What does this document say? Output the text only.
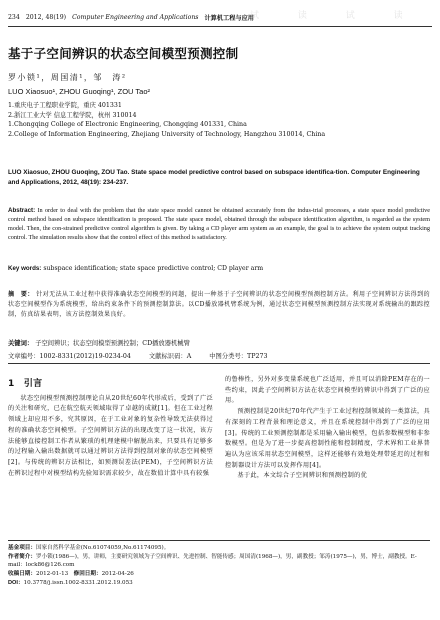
234 2012, 48(19) Computer Engineering and Applications 计算机工程与应用
试 读 试 读
基于子空间辨识的状态空间模型预测控制
罗小锁¹，周国清¹，邹　涛²
LUO Xiaosuo¹, ZHOU Guoqing¹, ZOU Tao²
1.重庆电子工程职业学院，重庆 401331
2.浙江工业大学 信息工程学院，杭州 310014
1.Chongqing College of Electronic Engineering, Chongqing 401331, China
2.College of Information Engineering, Zhejiang University of Technology, Hangzhou 310014, China
LUO Xiaosuo, ZHOU Guoqing, ZOU Tao. State space model predictive control based on subspace identifica-tion. Computer Engineering and Applications, 2012, 48(19): 234-237.
Abstract: In order to deal with the problem that the state space model cannot be obtained accurately from the indus-trial processes, a state space model predictive control method based on subspace identification is proposed. The state space model, obtained through the subspace identification algorithm, is regarded as the system model. Then, the con-strained predictive control algorithm is given. By taking a CD player arm system as an example, the goal is to achieve the system output tracking control. The simulation results show that the control effect of this method is satisfactory.
Key words: subspace identification; state space predictive control; CD player arm
摘　要： 针对无法从工业过程中获得准确状态空间模型的问题，提出一种基于子空间辨识的状态空间模型预测控制方法。利用子空间辨识方法得到的状态空间模型作为系统模型，给出约束条件下的预测控制算法。以CD播放器机臂系统为例，通过状态空间模型预测控制方法实现对系统输出的跟踪控制，仿真结果表明，该方法控制效果良好。
关键词： 子空间辨识；状态空间模型预测控制；CD播放器机械臂
文章编号：1002-8331(2012)19-0234-04	文献标识码：A	中图分类号：TP273
1　引言

状态空间模型预测控制理论自从20世纪60年代形成后，受到了广泛的关注和研究，已在航空航天领域取得了卓越的成就[1]。但在工业过程领域上却应用不多，究其原因，在于工业对象的复杂性导致无法获得过程的准确状态空间模型。子空间辨识方法的出现改变了这一状况，该方法能够直接控制工作者从繁琐的机理建模中解脱出来，只要具有足够多的过程输入输出数据就可以通过辨识方法得到控制对象的状态空间模型[2]。与传统的辨识方法相比，如预测误差法(PEM)，子空间辨识方法在辨识过程中对模型结构先验知识需求较少，故在数值计算中具有较强

的鲁棒性，另外对多变量系统也广泛适用，并且可以消除PEM存在的一些约束，因此子空间辨识方法在状态空间模型的辨识中得到了广泛的应用。

预测控制是20世纪70年代产生于工业过程控制领域的一类算法，具有深刻的工程背景和理论意义，并且在系统控制中得到了广泛的应用[3]。传统的工业预测控制都是采用输入输出模型，包括参数模型和非参数模型。但是为了进一步提高控制性能和控制精度，学术界和工业界普遍认为应该采用状态空间模型，这样还能够有效地处理带延迟的过程和控制器设计方法可以发挥作用[4]。

基于此，本文综合子空间辨识和预测控制的优

基金项目：国家自然科学基金(No.61074059,No.61174095)。
作者简介：罗小锁(1986—)，男，讲师，主要研究领域为子空间辨识、先进控制、智能传感；周国清(1968—)，男，副教授；邹涛(1975—)，男，博士，副教授。E-mail：lock86@126.com
收稿日期：2012-01-13 修回日期：2012-04-26
DOI：10.3778/j.issn.1002-8331.2012.19.053
